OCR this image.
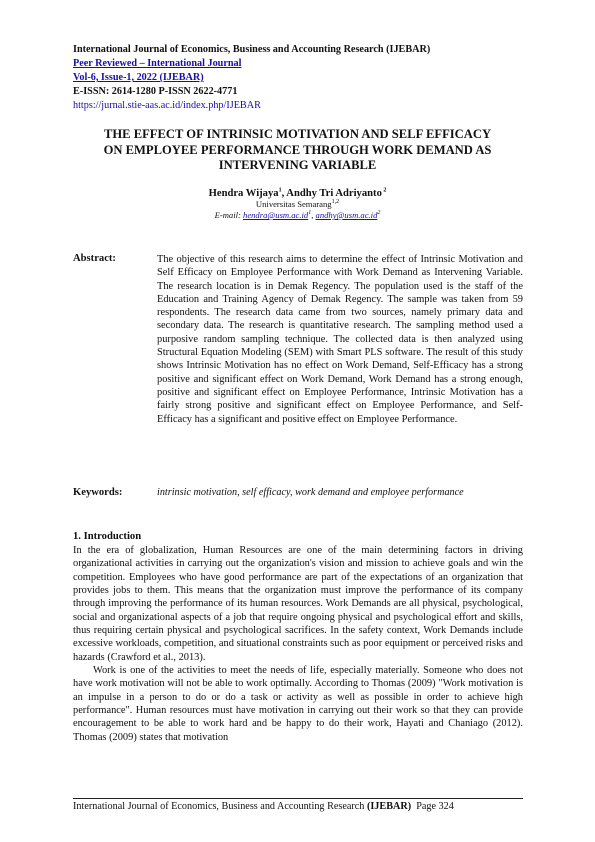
International Journal of Economics, Business and Accounting Research (IJEBAR)
Peer Reviewed – International Journal
Vol-6, Issue-1, 2022 (IJEBAR)
E-ISSN: 2614-1280 P-ISSN 2622-4771
https://jurnal.stie-aas.ac.id/index.php/IJEBAR
THE EFFECT OF INTRINSIC MOTIVATION AND SELF EFFICACY
ON EMPLOYEE PERFORMANCE THROUGH WORK DEMAND AS
INTERVENING VARIABLE
Hendra Wijaya$^1$, Andhy Tri Adriyanto $^2$
Universitas Semarang$^{1,2}$
E-mail: $hendra@usm.ac.id^1$, $andhy@usm.ac.id^2$
Abstract:	The objective of this research aims to determine the effect of Intrinsic Motivation and Self Efficacy on Employee Performance with Work Demand as Intervening Variable. The research location is in Demak Regency. The population used is the staff of the Education and Training Agency of Demak Regency. The sample was taken from 59 respondents. The research data came from two sources, namely primary data and secondary data. The research is quantitative research. The sampling method used a purposive random sampling technique. The collected data is then analyzed using Structural Equation Modeling (SEM) with Smart PLS software. The result of this study shows Intrinsic Motivation has no effect on Work Demand, Self-Efficacy has a strong positive and significant effect on Work Demand, Work Demand has a strong enough, positive and significant effect on Employee Performance, Intrinsic Motivation has a fairly strong positive and significant effect on Employee Performance, and Self-Efficacy has a significant and positive effect on Employee Performance.
Keywords:	intrinsic motivation, self efficacy, work demand and employee performance
1. Introduction

In the era of globalization, Human Resources are one of the main determining factors in driving organizational activities in carrying out the organization's vision and mission to achieve goals and win the competition. Employees who have good performance are part of the expectations of an organization that provides jobs to them. This means that the organization must improve the performance of its company through improving the performance of its human resources. Work Demands are all physical, psychological, social and organizational aspects of a job that require ongoing physical and psychological effort and skills, thus requiring certain physical and psychological sacrifices. In the safety context, Work Demands include excessive workloads, competition, and situational constraints such as poor equipment or perceived risks and hazards (Crawford et al., 2013).

Work is one of the activities to meet the needs of life, especially materially. Someone who does not have work motivation will not be able to work optimally. According to Thomas (2009) "Work motivation is an impulse in a person to do or do a task or activity as well as possible in order to achieve high performance". Human resources must have motivation in carrying out their work so that they can provide encouragement to be able to work hard and be happy to do their work, Hayati and Chaniago (2012). Thomas (2009) states that motivation

International Journal of Economics, Business and Accounting Research (IJEBAR) Page 324
